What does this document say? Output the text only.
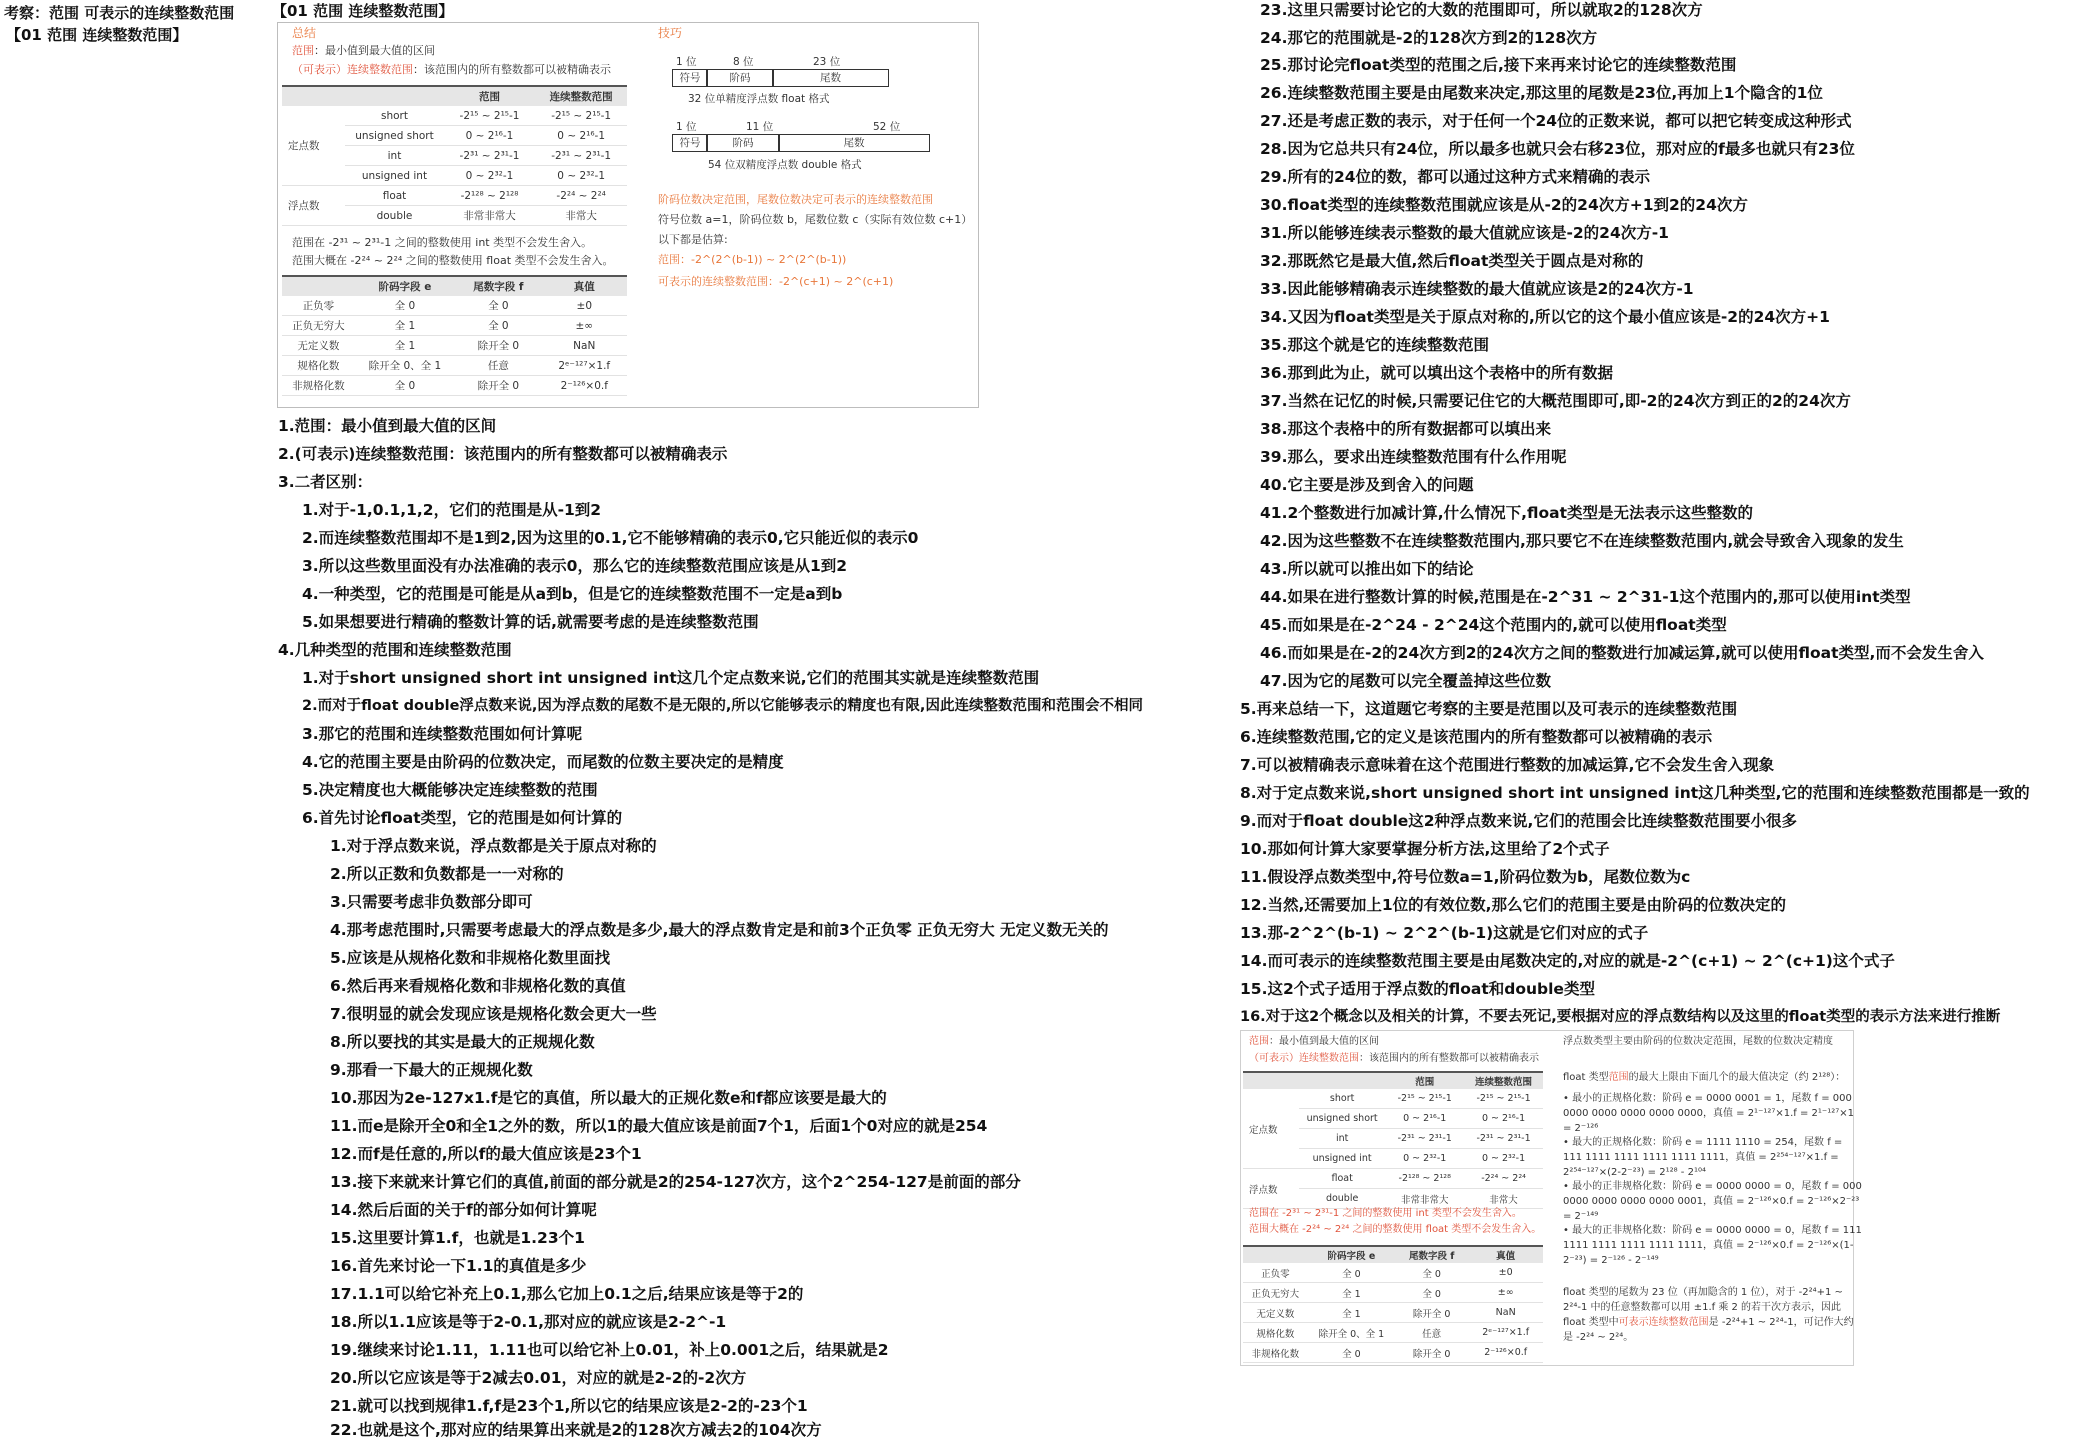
考察：范围 可表示的连续整数范围
【01 范围 连续整数范围】
【01 范围 连续整数范围】
总结
范围：最小值到最大值的区间
（可表示）连续整数范围：该范围内的所有整数都可以被精确表示
		范围	连续整数范围
定点数	short	-2¹⁵ ~ 2¹⁵-1	-2¹⁵ ~ 2¹⁵-1
	unsigned short	0 ~ 2¹⁶-1	0 ~ 2¹⁶-1
	int	-2³¹ ~ 2³¹-1	-2³¹ ~ 2³¹-1
	unsigned int	0 ~ 2³²-1	0 ~ 2³²-1
浮点数	float	-2¹²⁸ ~ 2¹²⁸	-2²⁴ ~ 2²⁴
	double	非常非常大	非常大
范围在 -2³¹ ~ 2³¹-1 之间的整数使用 int 类型不会发生舍入。
范围大概在 -2²⁴ ~ 2²⁴ 之间的整数使用 float 类型不会发生舍入。
	阶码字段 e	尾数字段 f	真值
正负零	全 0	全 0	±0
正负无穷大	全 1	全 0	±∞
无定义数	全 1	除开全 0	NaN
规格化数	除开全 0、全 1	任意	2ᵉ⁻¹²⁷×1.f
非规格化数	全 0	除开全 0	2⁻¹²⁶×0.f
技巧
1 位	8 位	23 位
符号	阶码	尾数
32 位单精度浮点数 float 格式
1 位	11 位	52 位
符号	阶码	尾数
54 位双精度浮点数 double 格式
阶码位数决定范围，尾数位数决定可表示的连续整数范围
符号位数 a=1，阶码位数 b，尾数位数 c（实际有效位数 c+1）
以下都是估算:
范围：-2^(2^(b-1)) ~ 2^(2^(b-1))
可表示的连续整数范围：-2^(c+1) ~ 2^(c+1)
1.范围：最小值到最大值的区间
2.(可表示)连续整数范围：该范围内的所有整数都可以被精确表示
3.二者区别：
1.对于-1,0.1,1,2，它们的范围是从-1到2
2.而连续整数范围却不是1到2,因为这里的0.1,它不能够精确的表示0,它只能近似的表示0
3.所以这些数里面没有办法准确的表示0，那么它的连续整数范围应该是从1到2
4.一种类型，它的范围是可能是从a到b，但是它的连续整数范围不一定是a到b
5.如果想要进行精确的整数计算的话,就需要考虑的是连续整数范围
4.几种类型的范围和连续整数范围
1.对于short unsigned short int unsigned int这几个定点数来说,它们的范围其实就是连续整数范围
2.而对于float double浮点数来说,因为浮点数的尾数不是无限的,所以它能够表示的精度也有限,因此连续整数范围和范围会不相同
3.那它的范围和连续整数范围如何计算呢
4.它的范围主要是由阶码的位数决定，而尾数的位数主要决定的是精度
5.决定精度也大概能够决定连续整数的范围
6.首先讨论float类型，它的范围是如何计算的
1.对于浮点数来说，浮点数都是关于原点对称的
2.所以正数和负数都是一一对称的
3.只需要考虑非负数部分即可
4.那考虑范围时,只需要考虑最大的浮点数是多少,最大的浮点数肯定是和前3个正负零 正负无穷大 无定义数无关的
5.应该是从规格化数和非规格化数里面找
6.然后再来看规格化数和非规格化数的真值
7.很明显的就会发现应该是规格化数会更大一些
8.所以要找的其实是最大的正规规化数
9.那看一下最大的正规规化数
10.那因为2e-127x1.f是它的真值，所以最大的正规化数e和f都应该要是最大的
11.而e是除开全0和全1之外的数，所以1的最大值应该是前面7个1，后面1个0对应的就是254
12.而f是任意的,所以f的最大值应该是23个1
13.接下来就来计算它们的真值,前面的部分就是2的254-127次方，这个2^254-127是前面的部分
14.然后后面的关于f的部分如何计算呢
15.这里要计算1.f，也就是1.23个1
16.首先来讨论一下1.1的真值是多少
17.1.1可以给它补充上0.1,那么它加上0.1之后,结果应该是等于2的
18.所以1.1应该是等于2-0.1,那对应的就应该是2-2^-1
19.继续来讨论1.11，1.11也可以给它补上0.01，补上0.001之后，结果就是2
20.所以它应该是等于2减去0.01，对应的就是2-2的-2次方
21.就可以找到规律1.f,f是23个1,所以它的结果应该是2-2的-23个1
22.也就是这个,那对应的结果算出来就是2的128次方减去2的104次方
23.这里只需要讨论它的大数的范围即可，所以就取2的128次方
24.那它的范围就是-2的128次方到2的128次方
25.那讨论完float类型的范围之后,接下来再来讨论它的连续整数范围
26.连续整数范围主要是由尾数来决定,那这里的尾数是23位,再加上1个隐含的1位
27.还是考虑正数的表示，对于任何一个24位的正数来说，都可以把它转变成这种形式
28.因为它总共只有24位，所以最多也就只会右移23位，那对应的f最多也就只有23位
29.所有的24位的数，都可以通过这种方式来精确的表示
30.float类型的连续整数范围就应该是从-2的24次方+1到2的24次方
31.所以能够连续表示整数的最大值就应该是-2的24次方-1
32.那既然它是最大值,然后float类型关于圆点是对称的
33.因此能够精确表示连续整数的最大值就应该是2的24次方-1
34.又因为float类型是关于原点对称的,所以它的这个最小值应该是-2的24次方+1
35.那这个就是它的连续整数范围
36.那到此为止，就可以填出这个表格中的所有数据
37.当然在记忆的时候,只需要记住它的大概范围即可,即-2的24次方到正的2的24次方
38.那这个表格中的所有数据都可以填出来
39.那么，要求出连续整数范围有什么作用呢
40.它主要是涉及到舍入的问题
41.2个整数进行加减计算,什么情况下,float类型是无法表示这些整数的
42.因为这些整数不在连续整数范围内,那只要它不在连续整数范围内,就会导致舍入现象的发生
43.所以就可以推出如下的结论
44.如果在进行整数计算的时候,范围是在-2^31 ~ 2^31-1这个范围内的,那可以使用int类型
45.而如果是在-2^24 - 2^24这个范围内的,就可以使用float类型
46.而如果是在-2的24次方到2的24次方之间的整数进行加减运算,就可以使用float类型,而不会发生舍入
47.因为它的尾数可以完全覆盖掉这些位数
5.再来总结一下，这道题它考察的主要是范围以及可表示的连续整数范围
6.连续整数范围,它的定义是该范围内的所有整数都可以被精确的表示
7.可以被精确表示意味着在这个范围进行整数的加减运算,它不会发生舍入现象
8.对于定点数来说,short unsigned short int unsigned int这几种类型,它的范围和连续整数范围都是一致的
9.而对于float double这2种浮点数来说,它们的范围会比连续整数范围要小很多
10.那如何计算大家要掌握分析方法,这里给了2个式子
11.假设浮点数类型中,符号位数a=1,阶码位数为b，尾数位数为c
12.当然,还需要加上1位的有效位数,那么它们的范围主要是由阶码的位数决定的
13.那-2^2^(b-1) ~ 2^2^(b-1)这就是它们对应的式子
14.而可表示的连续整数范围主要是由尾数决定的,对应的就是-2^(c+1) ~ 2^(c+1)这个式子
15.这2个式子适用于浮点数的float和double类型
16.对于这2个概念以及相关的计算，不要去死记,要根据对应的浮点数结构以及这里的float类型的表示方法来进行推断
范围：最小值到最大值的区间
（可表示）连续整数范围：该范围内的所有整数都可以被精确表示
		范围	连续整数范围
定点数	short	-2¹⁵ ~ 2¹⁵-1	-2¹⁵ ~ 2¹⁵-1
	unsigned short	0 ~ 2¹⁶-1	0 ~ 2¹⁶-1
	int	-2³¹ ~ 2³¹-1	-2³¹ ~ 2³¹-1
	unsigned int	0 ~ 2³²-1	0 ~ 2³²-1
浮点数	float	-2¹²⁸ ~ 2¹²⁸	-2²⁴ ~ 2²⁴
	double	非常非常大	非常大
范围在 -2³¹ ~ 2³¹-1 之间的整数使用 int 类型不会发生舍入。
范围大概在 -2²⁴ ~ 2²⁴ 之间的整数使用 float 类型不会发生舍入。
	阶码字段 e	尾数字段 f	真值
正负零	全 0	全 0	±0
正负无穷大	全 1	全 0	±∞
无定义数	全 1	除开全 0	NaN
规格化数	除开全 0、全 1	任意	2ᵉ⁻¹²⁷×1.f
非规格化数	全 0	除开全 0	2⁻¹²⁶×0.f
浮点数类型主要由阶码的位数决定范围，尾数的位数决定精度
float 类型范围的最大上限由下面几个的最大值决定（约 2¹²⁸）：
• 最小的正规格化数：阶码 e = 0000 0001 = 1，尾数 f = 000 0000 0000 0000 0000 0000，真值 = 2¹⁻¹²⁷×1.f = 2¹⁻¹²⁷×1 = 2⁻¹²⁶
• 最大的正规格化数：阶码 e = 1111 1110 = 254，尾数 f = 111 1111 1111 1111 1111 1111，真值 = 2²⁵⁴⁻¹²⁷×1.f = 2²⁵⁴⁻¹²⁷×(2-2⁻²³) = 2¹²⁸ - 2¹⁰⁴
• 最小的正非规格化数：阶码 e = 0000 0000 = 0，尾数 f = 000 0000 0000 0000 0000 0001，真值 = 2⁻¹²⁶×0.f = 2⁻¹²⁶×2⁻²³ = 2⁻¹⁴⁹
• 最大的正非规格化数：阶码 e = 0000 0000 = 0，尾数 f = 111 1111 1111 1111 1111 1111，真值 = 2⁻¹²⁶×0.f = 2⁻¹²⁶×(1-2⁻²³) = 2⁻¹²⁶ - 2⁻¹⁴⁹
float 类型的尾数为 23 位（再加隐含的 1 位），对于 -2²⁴+1 ~ 2²⁴-1 中的任意整数都可以用 ±1.f 乘 2 的若干次方表示，因此 float 类型中可表示连续整数范围是 -2²⁴+1 ~ 2²⁴-1，可记作大约是 -2²⁴ ~ 2²⁴。
